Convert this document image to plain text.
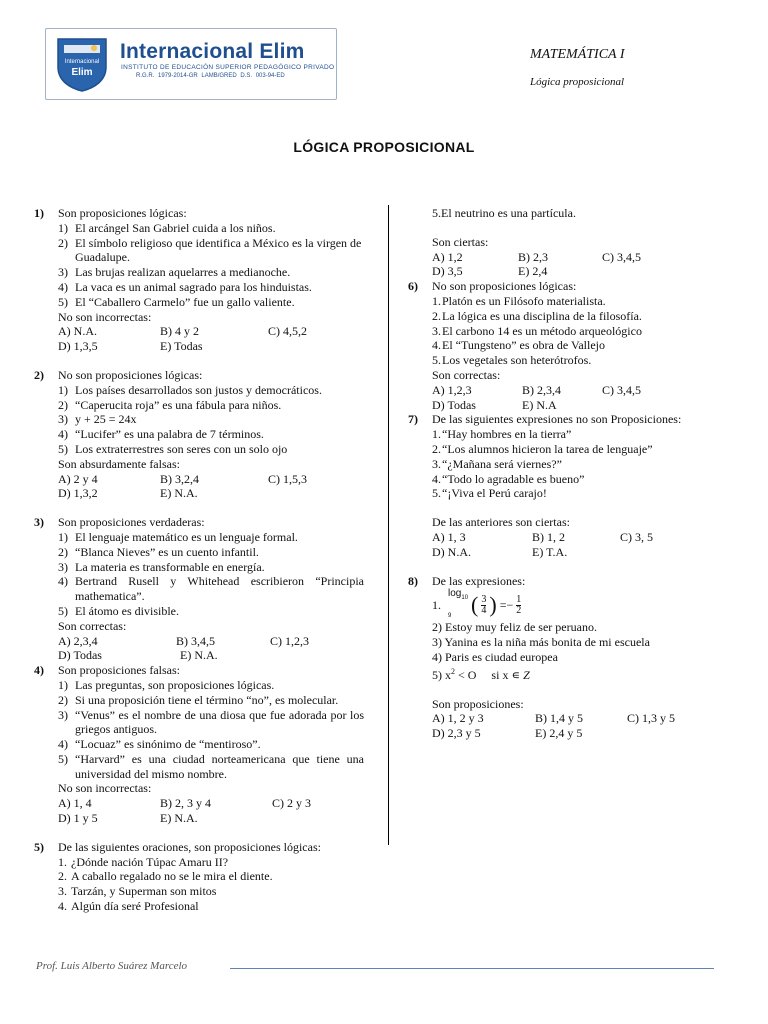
Internacional
Elim
Internacional Elim
INSTITUTO DE EDUCACIÓN SUPERIOR PEDAGÓGICO PRIVADO
R.G.R. 1979-2014-GR LAMB/GRED D.S. 003-94-ED
MATEMÁTICA I
Lógica proposicional
LÓGICA PROPOSICIONAL
1) Son proposiciones lógicas:
1) El arcángel San Gabriel cuida a los niños.
2) El símbolo religioso que identifica a México es la virgen de Guadalupe.
3) Las brujas realizan aquelarres a medianoche.
4) La vaca es un animal sagrado para los hinduistas.
5) El “Caballero Carmelo” fue un gallo valiente.
No son incorrectas:
A) N.A.	B) 4 y 2	C) 4,5,2
D) 1,3,5	E) Todas
2) No son proposiciones lógicas:
1) Los países desarrollados son justos y democráticos.
2) “Caperucita roja” es una fábula para niños.
3) y + 25 = 24x
4) “Lucifer” es una palabra de 7 términos.
5) Los extraterrestres son seres con un solo ojo
Son absurdamente falsas:
A) 2 y 4	B) 3,2,4	C) 1,5,3
D) 1,3,2	E) N.A.
3) Son proposiciones verdaderas:
1) El lenguaje matemático es un lenguaje formal.
2) “Blanca Nieves” es un cuento infantil.
3) La materia es transformable en energía.
4) Bertrand Rusell y Whitehead escribieron “Principia mathematica”.
5) El átomo es divisible.
Son correctas:
A) 2,3,4	B) 3,4,5	C) 1,2,3
D) Todas	E) N.A.
4) Son proposiciones falsas:
1) Las preguntas, son proposiciones lógicas.
2) Si una proposición tiene el término “no”, es molecular.
3) “Venus” es el nombre de una diosa que fue adorada por los griegos antiguos.
4) “Locuaz” es sinónimo de “mentiroso”.
5) “Harvard” es una ciudad norteamericana que tiene una universidad del mismo nombre.
No son incorrectas:
A) 1, 4	B) 2, 3 y 4	C) 2 y 3
D) 1 y 5	E) N.A.
5) De las siguientes oraciones, son proposiciones lógicas:
1. ¿Dónde nación Túpac Amaru II?
2. A caballo regalado no se le mira el diente.
3. Tarzán, y Superman son mitos
4. Algún día seré Profesional
5.El neutrino es una partícula.
Son ciertas:
A) 1,2	B) 2,3	C) 3,4,5
D) 3,5	E) 2,4
6) No son proposiciones lógicas:
1. Platón es un Filósofo materialista.
2. La lógica es una disciplina de la filosofía.
3. El carbono 14 es un método arqueológico
4. El “Tungsteno” es obra de Vallejo
5. Los vegetales son heterótrofos.
Son correctas:
A) 1,2,3	B) 2,3,4	C) 3,4,5
D) Todas	E) N.A
7) De las siguientes expresiones no son Proposiciones:
1. “Hay hombres en la tierra”
2. “Los alumnos hicieron la tarea de lenguaje”
3. “¿Mañana será viernes?”
4. “Todo lo agradable es bueno”
5. “¡Viva el Perú carajo!
De las anteriores son ciertas:
A) 1, 3	B) 1, 2	C) 3, 5
D) N.A.	E) T.A.
8) De las expresiones:
1.
$\log_{10 9}$ ( $\frac{3}{4}$ ) =− $\frac{1}{2}$
2) Estoy muy feliz de ser peruano.
3) Yanina es la niña más bonita de mi escuela
4) Paris es ciudad europea
5) $x^2 < O$     si x ∊ Z
Son proposiciones:
A) 1, 2 y 3	B) 1,4 y 5	C) 1,3 y 5
D) 2,3 y 5	E) 2,4 y 5
Prof. Luis Alberto Suárez Marcelo
